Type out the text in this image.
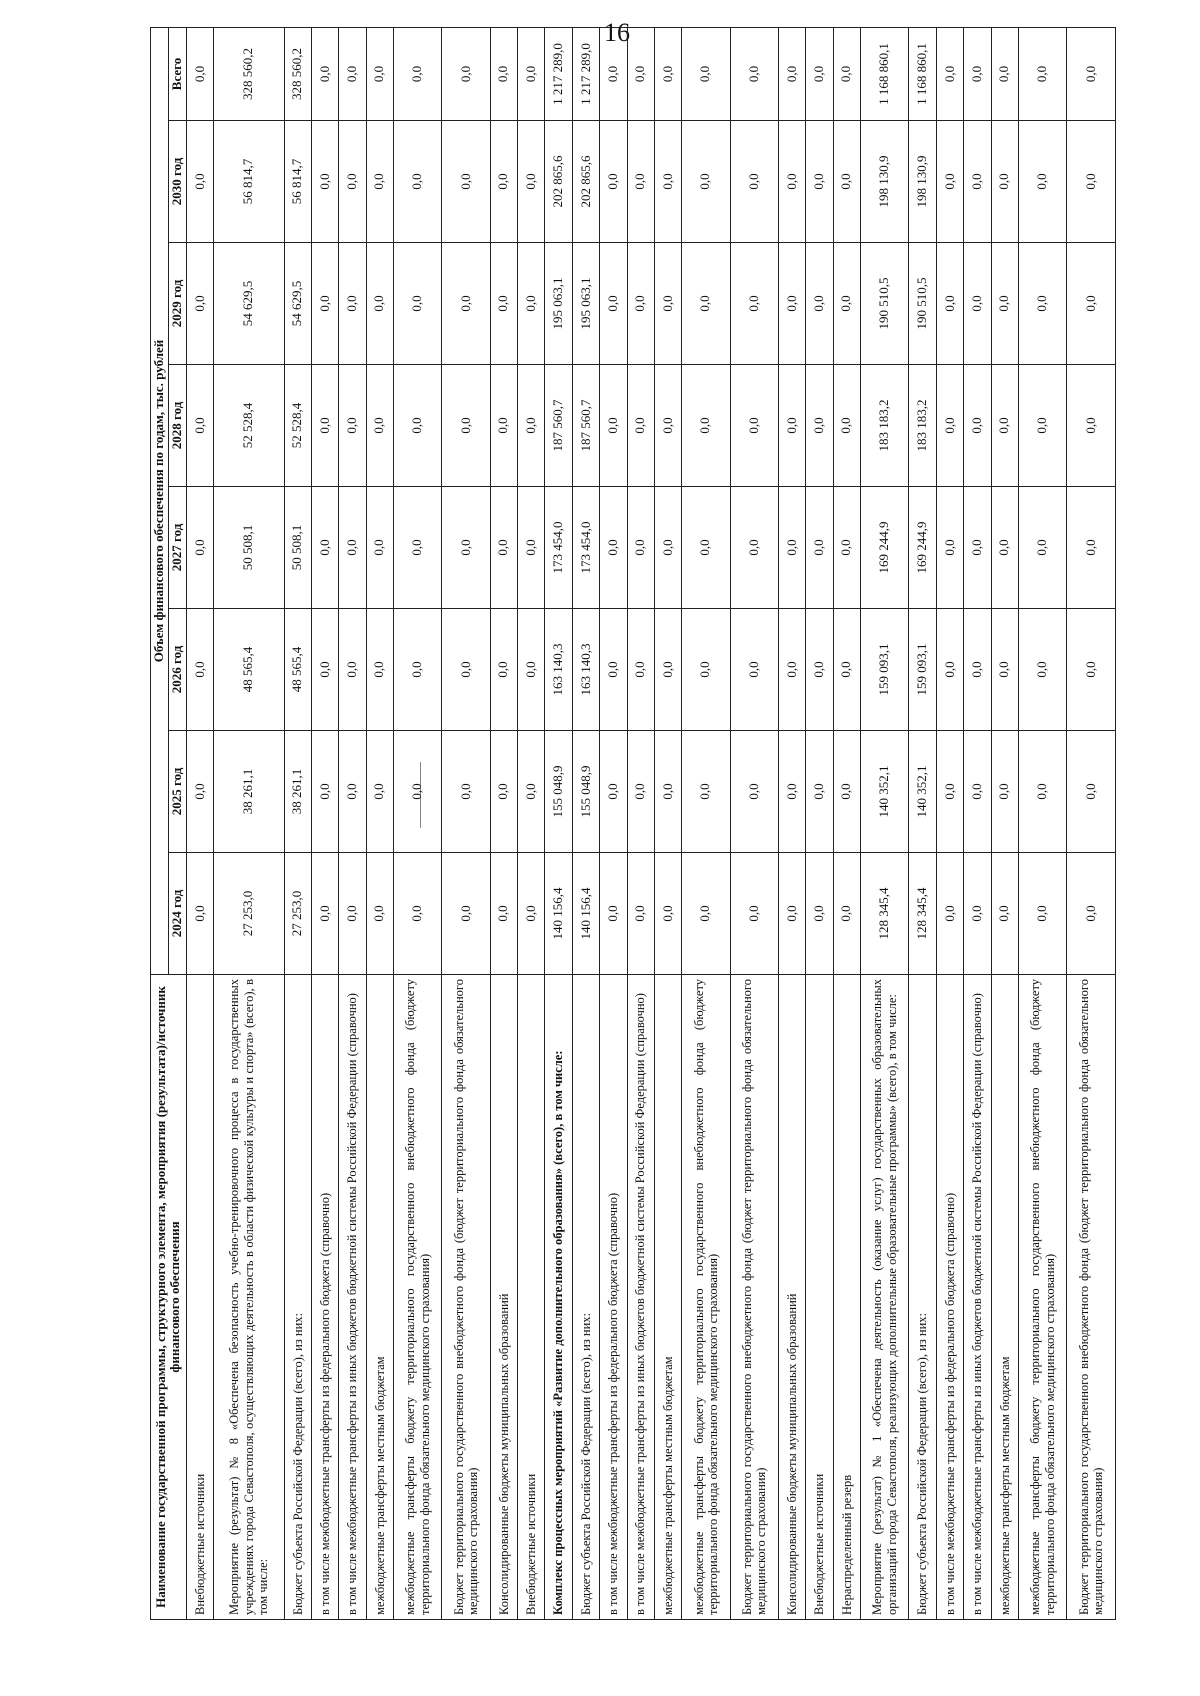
16
Наименование государственной программы, структурного элемента, мероприятия (результата)/источник финансового обеспечения	Объем финансового обеспечения по годам, тыс. рублей							
	2024 год	2025 год	2026 год	2027 год	2028 год	2029 год	2030 год	Всего
Внебюджетные источники	0,0	0,0	0,0	0,0	0,0	0,0	0,0	0,0
Мероприятие (результат) № 8 «Обеспечена безопасность учебно-тренировочного процесса в государственных учреждениях города Севастополя, осуществляющих деятельность в области физической культуры и спорта» (всего), в том числе:	27 253,0	38 261,1	48 565,4	50 508,1	52 528,4	54 629,5	56 814,7	328 560,2
Бюджет субъекта Российской Федерации (всего), из них:	27 253,0	38 261,1	48 565,4	50 508,1	52 528,4	54 629,5	56 814,7	328 560,2
в том числе межбюджетные трансферты из федерального бюджета (справочно)	0,0	0,0	0,0	0,0	0,0	0,0	0,0	0,0
в том числе межбюджетные трансферты из иных бюджетов бюджетной системы Российской Федерации (справочно)	0,0	0,0	0,0	0,0	0,0	0,0	0,0	0,0
межбюджетные трансферты местным бюджетам	0,0	0,0	0,0	0,0	0,0	0,0	0,0	0,0
межбюджетные трансферты бюджету территориального государственного внебюджетного фонда (бюджету территориального фонда обязательного медицинского страхования)	0,0	0,0	0,0	0,0	0,0	0,0	0,0	0,0
Бюджет территориального государственного внебюджетного фонда (бюджет территориального фонда обязательного медицинского страхования)	0,0	0,0	0,0	0,0	0,0	0,0	0,0	0,0
Консолидированные бюджеты муниципальных образований	0,0	0,0	0,0	0,0	0,0	0,0	0,0	0,0
Внебюджетные источники	0,0	0,0	0,0	0,0	0,0	0,0	0,0	0,0
Комплекс процессных мероприятий «Развитие дополнительного образования» (всего), в том числе:	140 156,4	155 048,9	163 140,3	173 454,0	187 560,7	195 063,1	202 865,6	1 217 289,0
Бюджет субъекта Российской Федерации (всего), из них:	140 156,4	155 048,9	163 140,3	173 454,0	187 560,7	195 063,1	202 865,6	1 217 289,0
в том числе межбюджетные трансферты из федерального бюджета (справочно)	0,0	0,0	0,0	0,0	0,0	0,0	0,0	0,0
в том числе межбюджетные трансферты из иных бюджетов бюджетной системы Российской Федерации (справочно)	0,0	0,0	0,0	0,0	0,0	0,0	0,0	0,0
межбюджетные трансферты местным бюджетам	0,0	0,0	0,0	0,0	0,0	0,0	0,0	0,0
межбюджетные трансферты бюджету территориального государственного внебюджетного фонда (бюджету территориального фонда обязательного медицинского страхования)	0,0	0,0	0,0	0,0	0,0	0,0	0,0	0,0
Бюджет территориального государственного внебюджетного фонда (бюджет территориального фонда обязательного медицинского страхования)	0,0	0,0	0,0	0,0	0,0	0,0	0,0	0,0
Консолидированные бюджеты муниципальных образований	0,0	0,0	0,0	0,0	0,0	0,0	0,0	0,0
Внебюджетные источники	0,0	0,0	0,0	0,0	0,0	0,0	0,0	0,0
Нераспределенный резерв	0,0	0,0	0,0	0,0	0,0	0,0	0,0	0,0
Мероприятие (результат) № 1 «Обеспечена деятельность (оказание услуг) государственных образовательных организаций города Севастополя, реализующих дополнительные образовательные программы» (всего), в том числе:	128 345,4	140 352,1	159 093,1	169 244,9	183 183,2	190 510,5	198 130,9	1 168 860,1
Бюджет субъекта Российской Федерации (всего), из них:	128 345,4	140 352,1	159 093,1	169 244,9	183 183,2	190 510,5	198 130,9	1 168 860,1
в том числе межбюджетные трансферты из федерального бюджета (справочно)	0,0	0,0	0,0	0,0	0,0	0,0	0,0	0,0
в том числе межбюджетные трансферты из иных бюджетов бюджетной системы Российской Федерации (справочно)	0,0	0,0	0,0	0,0	0,0	0,0	0,0	0,0
межбюджетные трансферты местным бюджетам	0,0	0,0	0,0	0,0	0,0	0,0	0,0	0,0
межбюджетные трансферты бюджету территориального государственного внебюджетного фонда (бюджету территориального фонда обязательного медицинского страхования)	0,0	0,0	0,0	0,0	0,0	0,0	0,0	0,0
Бюджет территориального государственного внебюджетного фонда (бюджет территориального фонда обязательного медицинского страхования)	0,0	0,0	0,0	0,0	0,0	0,0	0,0	0,0
